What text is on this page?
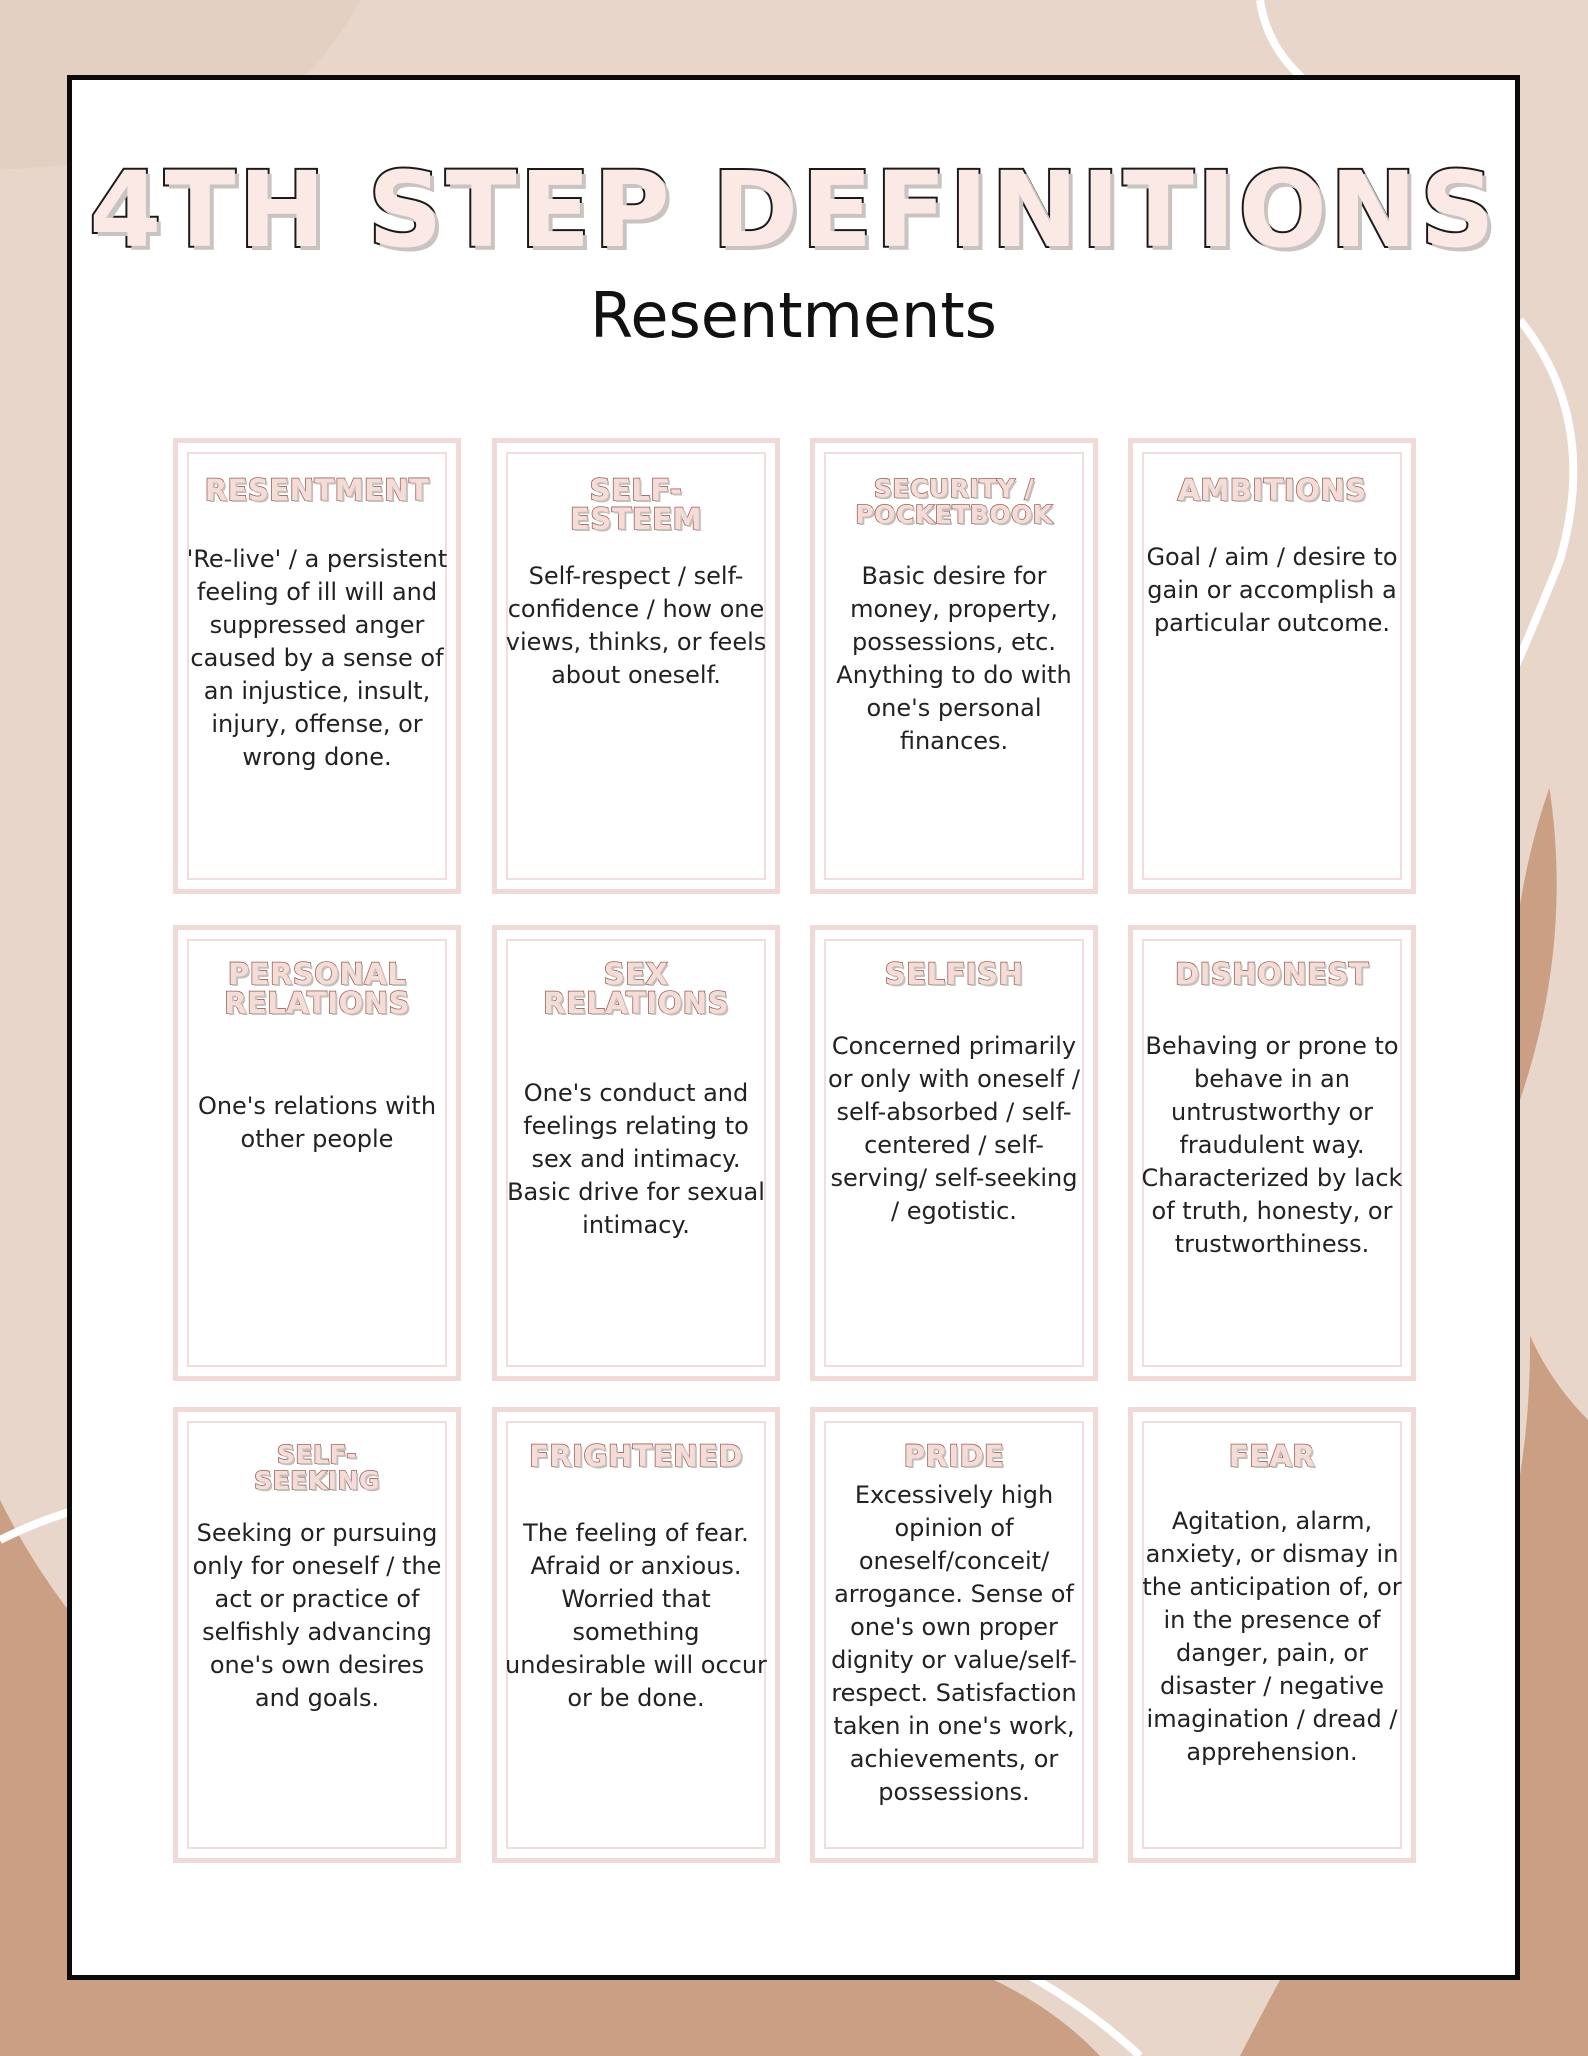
4TH STEP DEFINITIONS
Resentments
RESENTMENT
'Re-live' / a persistent feeling of ill will and suppressed anger caused by a sense of an injustice, insult, injury, offense, or wrong done.
SELF-
ESTEEM
Self-respect / self-confidence / how one views, thinks, or feels about oneself.
SECURITY /
POCKETBOOK
Basic desire for money, property, possessions, etc. Anything to do with one's personal finances.
AMBITIONS
Goal / aim / desire to gain or accomplish a particular outcome.
PERSONAL
RELATIONS
One's relations with other people
SEX
RELATIONS
One's conduct and feelings relating to sex and intimacy. Basic drive for sexual intimacy.
SELFISH
Concerned primarily or only with oneself / self-absorbed / self-centered / self-serving/ self-seeking / egotistic.
DISHONEST
Behaving or prone to behave in an untrustworthy or fraudulent way. Characterized by lack of truth, honesty, or trustworthiness.
SELF-
SEEKING
Seeking or pursuing only for oneself / the act or practice of selfishly advancing one's own desires and goals.
FRIGHTENED
The feeling of fear. Afraid or anxious. Worried that something undesirable will occur or be done.
PRIDE
Excessively high opinion of oneself/conceit/ arrogance. Sense of one's own proper dignity or value/self-respect. Satisfaction taken in one's work, achievements, or possessions.
FEAR
Agitation, alarm, anxiety, or dismay in the anticipation of, or in the presence of danger, pain, or disaster / negative imagination / dread / apprehension.
